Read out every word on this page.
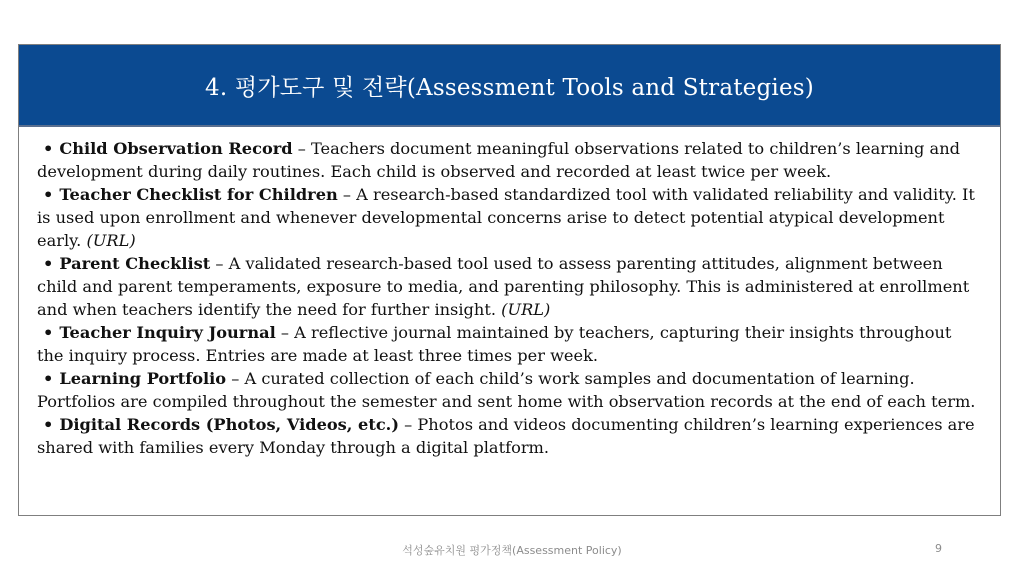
4. 평가도구 및 전략(Assessment Tools and Strategies)

• Child Observation Record – Teachers document meaningful observations related to children’s learning and development during daily routines. Each child is observed and recorded at least twice per week.

• Teacher Checklist for Children – A research-based standardized tool with validated reliability and validity. It is used upon enrollment and whenever developmental concerns arise to detect potential atypical development early. (URL)

• Parent Checklist – A validated research-based tool used to assess parenting attitudes, alignment between child and parent temperaments, exposure to media, and parenting philosophy. This is administered at enrollment and when teachers identify the need for further insight. (URL)

• Teacher Inquiry Journal – A reflective journal maintained by teachers, capturing their insights throughout the inquiry process. Entries are made at least three times per week.

• Learning Portfolio – A curated collection of each child’s work samples and documentation of learning. Portfolios are compiled throughout the semester and sent home with observation records at the end of each term.

• Digital Records (Photos, Videos, etc.) – Photos and videos documenting children’s learning experiences are shared with families every Monday through a digital platform.

석성숲유치원 평가정책(Assessment Policy)	9
